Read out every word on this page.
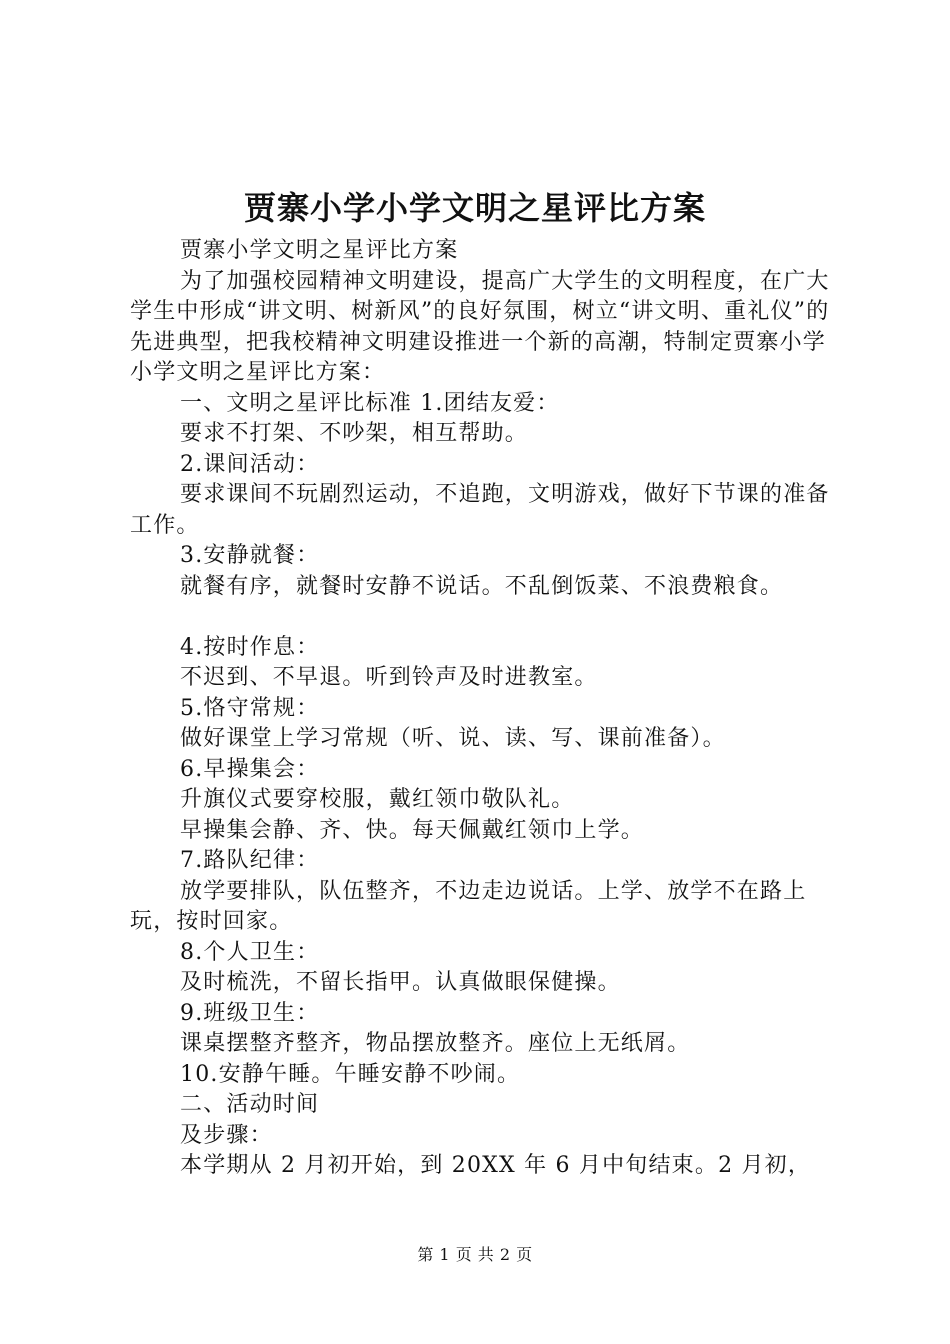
贾寨小学小学文明之星评比方案

贾寨小学文明之星评比方案

为了加强校园精神文明建设，提高广大学生的文明程度，在广大学生中形成“讲文明、树新风”的良好氛围，树立“讲文明、重礼仪”的先进典型，把我校精神文明建设推进一个新的高潮，特制定贾寨小学小学文明之星评比方案：

一、文明之星评比标准 1.团结友爱：

要求不打架、不吵架，相互帮助。

2.课间活动：

要求课间不玩剧烈运动，不追跑，文明游戏，做好下节课的准备工作。

3.安静就餐：

就餐有序，就餐时安静不说话。不乱倒饭菜、不浪费粮食。

4.按时作息：

不迟到、不早退。听到铃声及时进教室。

5.恪守常规：

做好课堂上学习常规（听、说、读、写、课前准备）。

6.早操集会：

升旗仪式要穿校服，戴红领巾敬队礼。

早操集会静、齐、快。每天佩戴红领巾上学。

7.路队纪律：

放学要排队，队伍整齐，不边走边说话。上学、放学不在路上玩，按时回家。

8.个人卫生：

及时梳洗，不留长指甲。认真做眼保健操。

9.班级卫生：

课桌摆整齐整齐，物品摆放整齐。座位上无纸屑。

10.安静午睡。午睡安静不吵闹。

二、活动时间

及步骤：

本学期从 2 月初开始，到 20XX 年 6 月中旬结束。2 月初，

第 1 页 共 2 页
